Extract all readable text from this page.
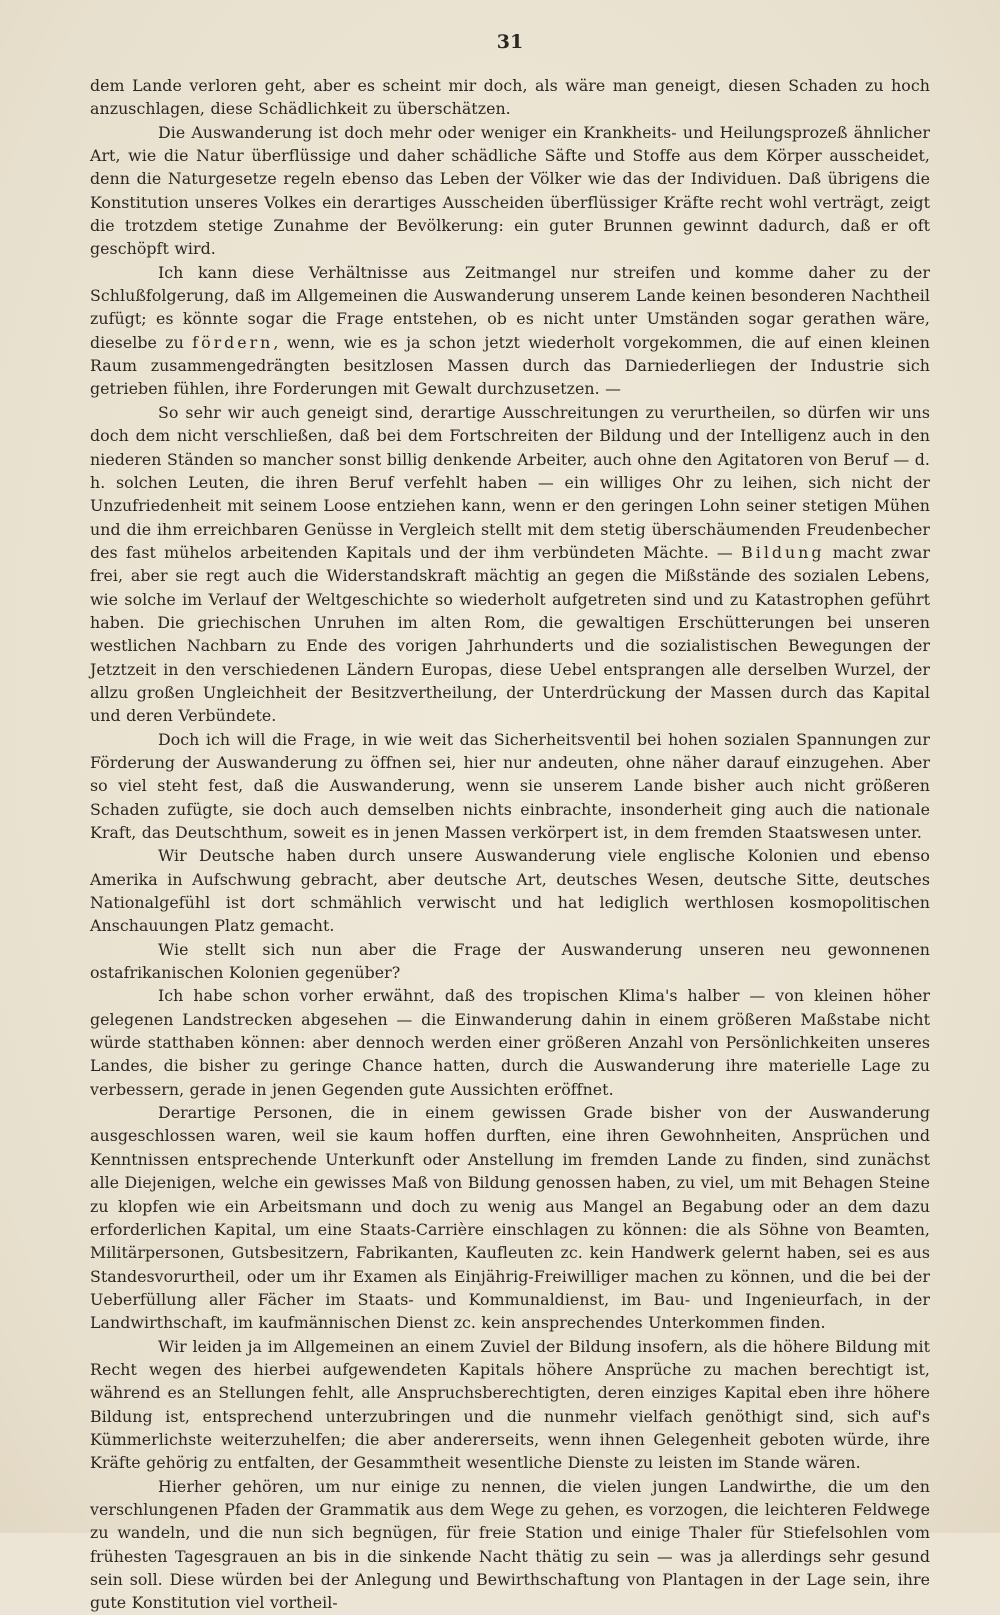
31

dem Lande verloren geht, aber es scheint mir doch, als wäre man geneigt, diesen Schaden zu hoch anzuschlagen, diese Schädlichkeit zu überschätzen.

Die Auswanderung ist doch mehr oder weniger ein Krankheits- und Heilungsprozeß ähnlicher Art, wie die Natur überflüssige und daher schädliche Säfte und Stoffe aus dem Körper ausscheidet, denn die Naturgesetze regeln ebenso das Leben der Völker wie das der Individuen. Daß übrigens die Konstitution unseres Volkes ein derartiges Ausscheiden überflüssiger Kräfte recht wohl verträgt, zeigt die trotzdem stetige Zunahme der Bevölkerung: ein guter Brunnen gewinnt dadurch, daß er oft geschöpft wird.

Ich kann diese Verhältnisse aus Zeitmangel nur streifen und komme daher zu der Schlußfolgerung, daß im Allgemeinen die Auswanderung unserem Lande keinen besonderen Nachtheil zufügt; es könnte sogar die Frage entstehen, ob es nicht unter Umständen sogar gerathen wäre, dieselbe zu fördern, wenn, wie es ja schon jetzt wiederholt vorgekommen, die auf einen kleinen Raum zusammengedrängten besitzlosen Massen durch das Darniederliegen der Industrie sich getrieben fühlen, ihre Forderungen mit Gewalt durchzusetzen. —

So sehr wir auch geneigt sind, derartige Ausschreitungen zu verurtheilen, so dürfen wir uns doch dem nicht verschließen, daß bei dem Fortschreiten der Bildung und der Intelligenz auch in den niederen Ständen so mancher sonst billig denkende Arbeiter, auch ohne den Agitatoren von Beruf — d. h. solchen Leuten, die ihren Beruf verfehlt haben — ein williges Ohr zu leihen, sich nicht der Unzufriedenheit mit seinem Loose entziehen kann, wenn er den geringen Lohn seiner stetigen Mühen und die ihm erreichbaren Genüsse in Vergleich stellt mit dem stetig überschäumenden Freudenbecher des fast mühelos arbeitenden Kapitals und der ihm verbündeten Mächte. — Bildung macht zwar frei, aber sie regt auch die Widerstandskraft mächtig an gegen die Mißstände des sozialen Lebens, wie solche im Verlauf der Weltgeschichte so wiederholt aufgetreten sind und zu Katastrophen geführt haben. Die griechischen Unruhen im alten Rom, die gewaltigen Erschütterungen bei unseren westlichen Nachbarn zu Ende des vorigen Jahrhunderts und die sozialistischen Bewegungen der Jetztzeit in den verschiedenen Ländern Europas, diese Uebel entsprangen alle derselben Wurzel, der allzu großen Ungleichheit der Besitzvertheilung, der Unterdrückung der Massen durch das Kapital und deren Verbündete.

Doch ich will die Frage, in wie weit das Sicherheitsventil bei hohen sozialen Spannungen zur Förderung der Auswanderung zu öffnen sei, hier nur andeuten, ohne näher darauf einzugehen. Aber so viel steht fest, daß die Auswanderung, wenn sie unserem Lande bisher auch nicht größeren Schaden zufügte, sie doch auch demselben nichts einbrachte, insonderheit ging auch die nationale Kraft, das Deutschthum, soweit es in jenen Massen verkörpert ist, in dem fremden Staatswesen unter.

Wir Deutsche haben durch unsere Auswanderung viele englische Kolonien und ebenso Amerika in Aufschwung gebracht, aber deutsche Art, deutsches Wesen, deutsche Sitte, deutsches Nationalgefühl ist dort schmählich verwischt und hat lediglich werthlosen kosmopolitischen Anschauungen Platz gemacht.

Wie stellt sich nun aber die Frage der Auswanderung unseren neu gewonnenen ostafrikanischen Kolonien gegenüber?

Ich habe schon vorher erwähnt, daß des tropischen Klima's halber — von kleinen höher gelegenen Landstrecken abgesehen — die Einwanderung dahin in einem größeren Maßstabe nicht würde statthaben können: aber dennoch werden einer größeren Anzahl von Persönlichkeiten unseres Landes, die bisher zu geringe Chance hatten, durch die Auswanderung ihre materielle Lage zu verbessern, gerade in jenen Gegenden gute Aussichten eröffnet.

Derartige Personen, die in einem gewissen Grade bisher von der Auswanderung ausgeschlossen waren, weil sie kaum hoffen durften, eine ihren Gewohnheiten, Ansprüchen und Kenntnissen entsprechende Unterkunft oder Anstellung im fremden Lande zu finden, sind zunächst alle Diejenigen, welche ein gewisses Maß von Bildung genossen haben, zu viel, um mit Behagen Steine zu klopfen wie ein Arbeitsmann und doch zu wenig aus Mangel an Begabung oder an dem dazu erforderlichen Kapital, um eine Staats-Carrière einschlagen zu können: die als Söhne von Beamten, Militärpersonen, Gutsbesitzern, Fabrikanten, Kaufleuten zc. kein Handwerk gelernt haben, sei es aus Standesvorurtheil, oder um ihr Examen als Einjährig-Freiwilliger machen zu können, und die bei der Ueberfüllung aller Fächer im Staats- und Kommunaldienst, im Bau- und Ingenieurfach, in der Landwirthschaft, im kaufmännischen Dienst zc. kein ansprechendes Unterkommen finden.

Wir leiden ja im Allgemeinen an einem Zuviel der Bildung insofern, als die höhere Bildung mit Recht wegen des hierbei aufgewendeten Kapitals höhere Ansprüche zu machen berechtigt ist, während es an Stellungen fehlt, alle Anspruchsberechtigten, deren einziges Kapital eben ihre höhere Bildung ist, entsprechend unterzubringen und die nunmehr vielfach genöthigt sind, sich auf's Kümmerlichste weiterzuhelfen; die aber andererseits, wenn ihnen Gelegenheit geboten würde, ihre Kräfte gehörig zu entfalten, der Gesammtheit wesentliche Dienste zu leisten im Stande wären.

Hierher gehören, um nur einige zu nennen, die vielen jungen Landwirthe, die um den verschlungenen Pfaden der Grammatik aus dem Wege zu gehen, es vorzogen, die leichteren Feldwege zu wandeln, und die nun sich begnügen, für freie Station und einige Thaler für Stiefelsohlen vom frühesten Tagesgrauen an bis in die sinkende Nacht thätig zu sein — was ja allerdings sehr gesund sein soll. Diese würden bei der Anlegung und Bewirthschaftung von Plantagen in der Lage sein, ihre gute Konstitution viel vortheil-
